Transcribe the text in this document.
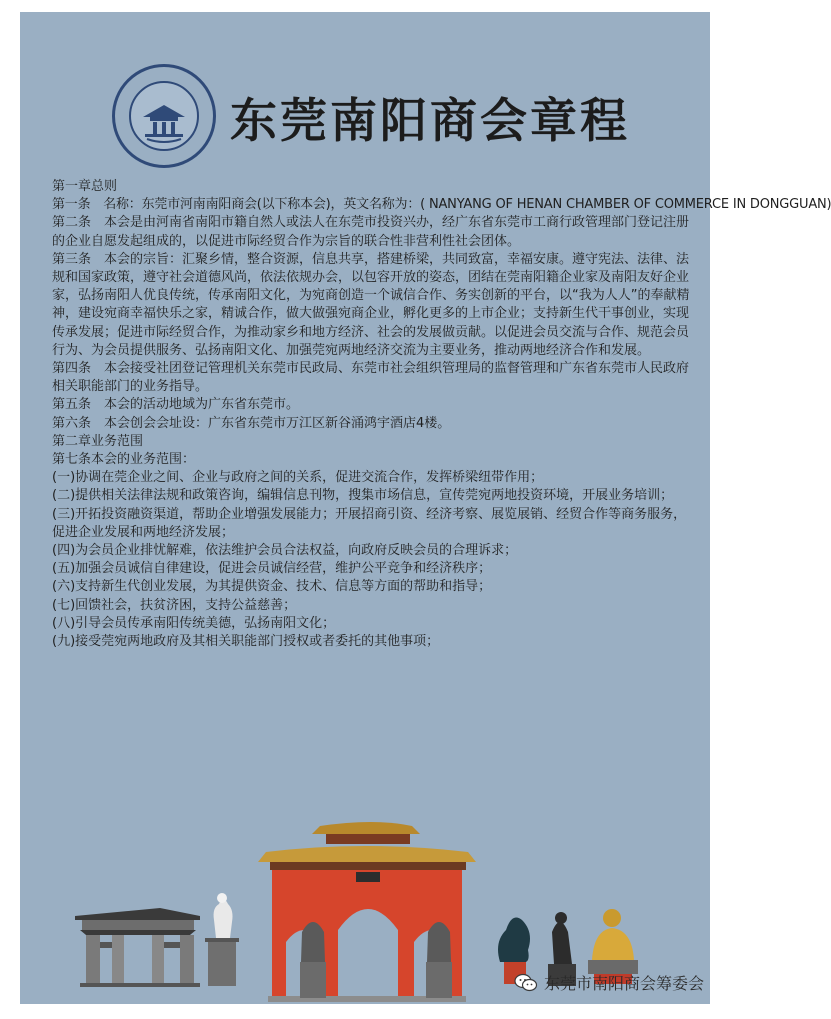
东莞南阳商会章程

第一章总则

第一条　名称：东莞市河南南阳商会(以下称本会)，英文名称为：( NANYANG OF HENAN CHAMBER OF COMMERCE IN DONGGUAN)

第二条　本会是由河南省南阳市籍自然人或法人在东莞市投资兴办，经广东省东莞市工商行政管理部门登记注册的企业自愿发起组成的，以促进市际经贸合作为宗旨的联合性非营利性社会团体。

第三条　本会的宗旨：汇聚乡情，整合资源，信息共享，搭建桥梁，共同致富，幸福安康。遵守宪法、法律、法规和国家政策，遵守社会道德风尚，依法依规办会，以包容开放的姿态，团结在莞南阳籍企业家及南阳友好企业家，弘扬南阳人优良传统，传承南阳文化，为宛商创造一个诚信合作、务实创新的平台，以“我为人人”的奉献精神，建设宛商幸福快乐之家，精诚合作，做大做强宛商企业，孵化更多的上市企业；支持新生代干事创业，实现传承发展；促进市际经贸合作，为推动家乡和地方经济、社会的发展做贡献。以促进会员交流与合作、规范会员行为、为会员提供服务、弘扬南阳文化、加强莞宛两地经济交流为主要业务，推动两地经济合作和发展。

第四条　本会接受社团登记管理机关东莞市民政局、东莞市社会组织管理局的监督管理和广东省东莞市人民政府相关职能部门的业务指导。

第五条　本会的活动地域为广东省东莞市。

第六条　本会创会会址设：广东省东莞市万江区新谷涌鸿宇酒店4楼。

第二章业务范围

第七条本会的业务范围：

(一)协调在莞企业之间、企业与政府之间的关系，促进交流合作，发挥桥梁纽带作用；

(二)提供相关法律法规和政策咨询，编辑信息刊物，搜集市场信息，宣传莞宛两地投资环境，开展业务培训；

(三)开拓投资融资渠道，帮助企业增强发展能力；开展招商引资、经济考察、展览展销、经贸合作等商务服务，促进企业发展和两地经济发展；

(四)为会员企业排忧解难，依法维护会员合法权益，向政府反映会员的合理诉求；

(五)加强会员诚信自律建设，促进会员诚信经营，维护公平竞争和经济秩序；

(六)支持新生代创业发展，为其提供资金、技术、信息等方面的帮助和指导；

(七)回馈社会，扶贫济困，支持公益慈善；

(八)引导会员传承南阳传统美德，弘扬南阳文化；

(九)接受莞宛两地政府及其相关职能部门授权或者委托的其他事项；

东莞市南阳商会筹委会
